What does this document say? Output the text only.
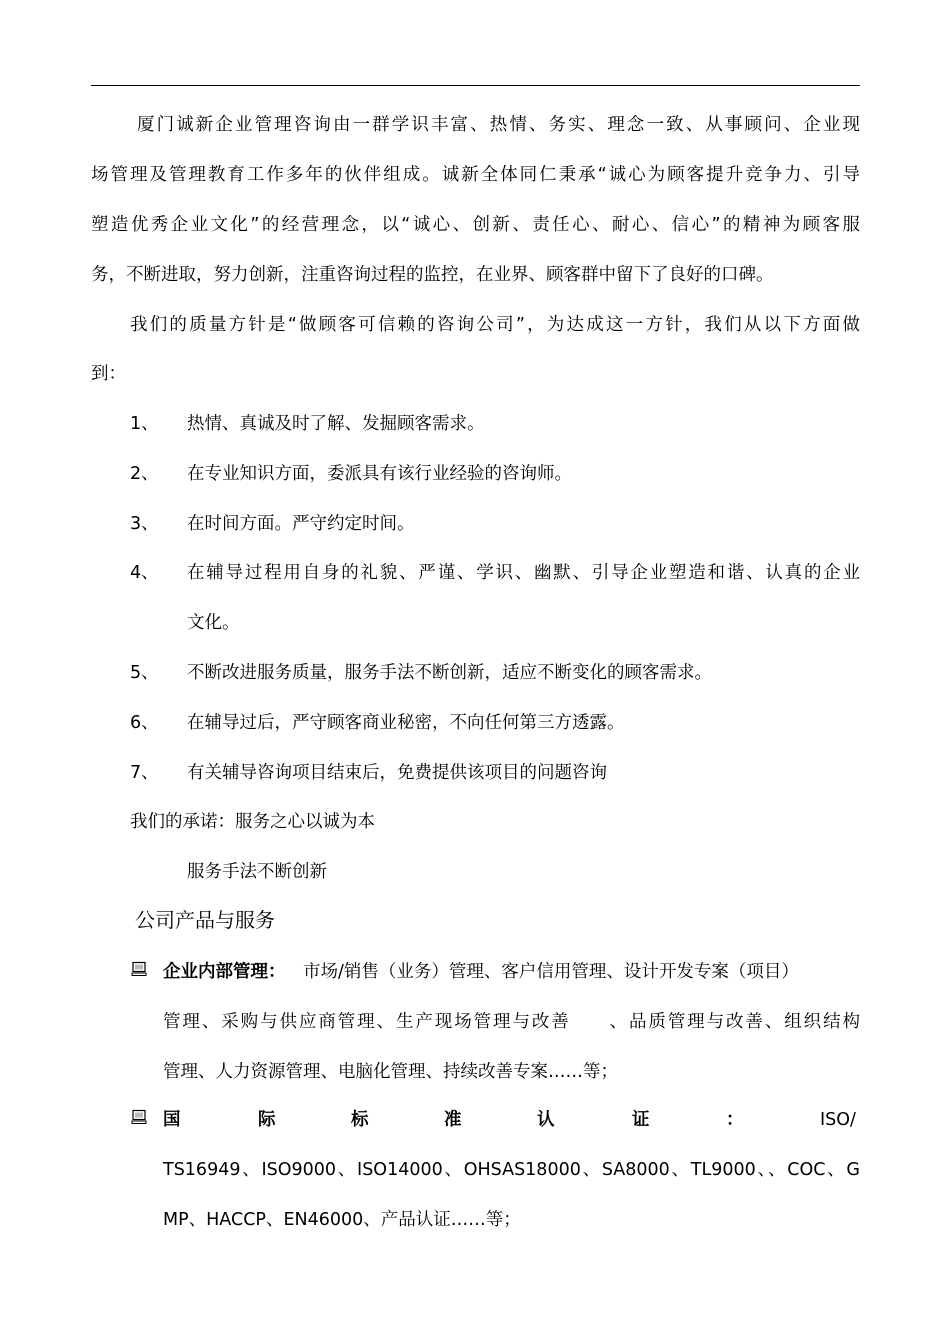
厦门诚新企业管理咨询由一群学识丰富、热情、务实、理念一致、从事顾问、企业现
场管理及管理教育工作多年的伙伴组成。诚新全体同仁秉承“诚心为顾客提升竞争力、引导
塑造优秀企业文化”的经营理念，以“诚心、创新、责任心、耐心、信心”的精神为顾客服
务，不断进取，努力创新，注重咨询过程的监控，在业界、顾客群中留下了良好的口碑。
我们的质量方针是“做顾客可信赖的咨询公司”，为达成这一方针，我们从以下方面做
到：
1、 热情、真诚及时了解、发掘顾客需求。
2、 在专业知识方面，委派具有该行业经验的咨询师。
3、 在时间方面。严守约定时间。
4、 在辅导过程用自身的礼貌、严谨、学识、幽默、引导企业塑造和谐、认真的企业
文化。
5、 不断改进服务质量，服务手法不断创新，适应不断变化的顾客需求。
6、 在辅导过后，严守顾客商业秘密，不向任何第三方透露。
7、 有关辅导咨询项目结束后，免费提供该项目的问题咨询
我们的承诺：服务之心以诚为本
服务手法不断创新
公司产品与服务
企业内部管理： 市场/销售（业务）管理、客户信用管理、设计开发专案（项目）
管理、采购与供应商管理、生产现场管理与改善　　、品质管理与改善、组织结构
管理、人力资源管理、电脑化管理、持续改善专案……等；
国	际	标	准	认	证	：	ISO/
TS16949、ISO9000、ISO14000、OHSAS18000、SA8000、TL9000、、COC、G
MP、HACCP、EN46000、产品认证……等；
